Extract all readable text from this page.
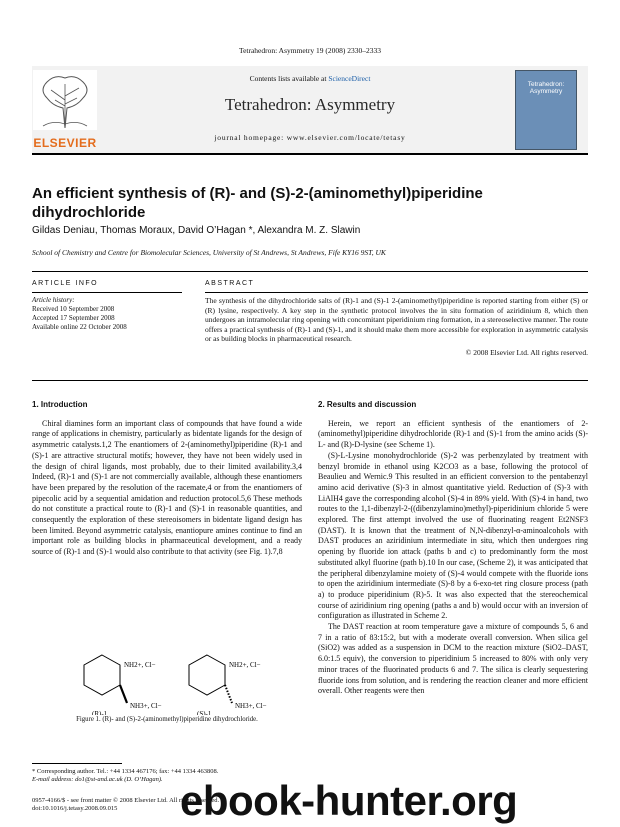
Tetrahedron: Asymmetry 19 (2008) 2330–2333
ELSEVIER
Contents lists available at ScienceDirect
Tetrahedron: Asymmetry
journal homepage: www.elsevier.com/locate/tetasy
Tetrahedron:
Asymmetry
An efficient synthesis of (R)- and (S)-2-(aminomethyl)piperidine dihydrochloride
Gildas Deniau, Thomas Moraux, David O’Hagan *, Alexandra M. Z. Slawin
School of Chemistry and Centre for Biomolecular Sciences, University of St Andrews, St Andrews, Fife KY16 9ST, UK
ARTICLE INFO	ABSTRACT
Article history:
Received 10 September 2008
Accepted 17 September 2008
Available online 22 October 2008
The synthesis of the dihydrochloride salts of (R)-1 and (S)-1 2-(aminomethyl)piperidine is reported starting from either (S) or (R) lysine, respectively. A key step in the synthetic protocol involves the in situ formation of aziridinium 8, which then undergoes an intramolecular ring opening with concomitant piperidinium ring formation, in a stereoselective manner. The route offers a practical synthesis of (R)-1 and (S)-1, and it should make them more accessible for exploration in asymmetric catalysis or as building blocks in pharmaceutical research.
© 2008 Elsevier Ltd. All rights reserved.
1. Introduction

Chiral diamines form an important class of compounds that have found a wide range of applications in chemistry, particularly as bidentate ligands for the design of asymmetric catalysts.1,2 The enantiomers of 2-(aminomethyl)piperidine (R)-1 and (S)-1 are attractive structural motifs; however, they have not been widely used in the design of chiral ligands, most probably, due to their limited availability.3,4 Indeed, (R)-1 and (S)-1 are not commercially available, although these enantiomers have been prepared by the resolution of the racemate,4 or from the enantiomers of pipecolic acid by a sequential amidation and reduction protocol.5,6 These methods do not constitute a practical route to (R)-1 and (S)-1 in reasonable quantities, and consequently the exploration of these stereoisomers in bidentate ligand design has been limited. Beyond asymmetric catalysis, enantiopure amines continue to find an important role as building blocks in pharmaceutical development, and a ready source of (R)-1 and (S)-1 would also contribute to that activity (see Fig. 1).7,8

NH2+, Cl−
NH3+, Cl−
NH2+, Cl−
NH3+, Cl−
(R)-1	(S)-1
Figure 1. (R)- and (S)-2-(aminomethyl)piperidine dihydrochloride.
* Corresponding author. Tel.: +44 1334 467176; fax: +44 1334 463808.
E-mail address: do1@st-and.ac.uk (D. O’Hagan).
0957-4166/$ - see front matter © 2008 Elsevier Ltd. All rights reserved.
doi:10.1016/j.tetasy.2008.09.015
2. Results and discussion

Herein, we report an efficient synthesis of the enantiomers of 2-(aminomethyl)piperidine dihydrochloride (R)-1 and (S)-1 from the amino acids (S)-L- and (R)-D-lysine (see Scheme 1).

(S)-L-Lysine monohydrochloride (S)-2 was perbenzylated by treatment with benzyl bromide in ethanol using K2CO3 as a base, following the protocol of Beaulieu and Wernic.9 This resulted in an efficient conversion to the pentabenzyl amino acid derivative (S)-3 in almost quantitative yield. Reduction of (S)-3 with LiAlH4 gave the corresponding alcohol (S)-4 in 89% yield. With (S)-4 in hand, two routes to the 1,1-dibenzyl-2-((dibenzylamino)methyl)-piperidinium chloride 5 were explored. The first attempt involved the use of fluorinating reagent Et2NSF3 (DAST). It is known that the treatment of N,N-dibenzyl-α-aminoalcohols with DAST produces an aziridinium intermediate in situ, which then undergoes ring opening by fluoride ion attack (paths b and c) to predominantly form the most substituted alkyl fluorine (path b).10 In our case, (Scheme 2), it was anticipated that the peripheral dibenzylamine moiety of (S)-4 would compete with the fluoride ions to open the aziridinium intermediate (S)-8 by a 6-exo-tet ring closure process (path a) to produce piperidinium (R)-5. It was also expected that the stereochemical course of aziridinium ring opening (paths a and b) would occur with an inversion of configuration as illustrated in Scheme 2.

The DAST reaction at room temperature gave a mixture of compounds 5, 6 and 7 in a ratio of 83:15:2, but with a moderate overall conversion. When silica gel (SiO2) was added as a suspension in DCM to the reaction mixture (SiO2–DAST, 6.0:1.5 equiv), the conversion to piperidinium 5 increased to 80% with only very minor traces of the fluorinated products 6 and 7. The silica is clearly sequestering fluoride ions from solution, and is rendering the reaction cleaner and more efficient overall. Other reagents were then

ebook-hunter.org
